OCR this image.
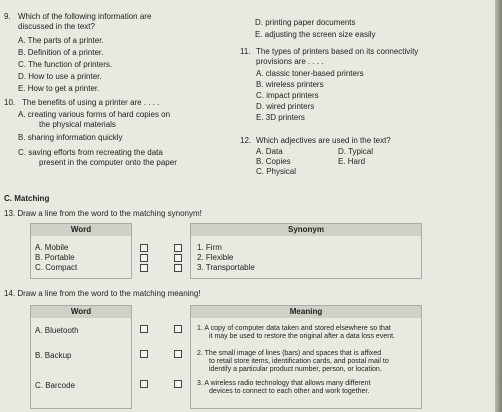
9. Which of the following information are
discussed in the text?
A. The parts of a printer.
B. Definition of a printer.
C. The function of printers.
D. How to use a printer.
E. How to get a printer.
D. printing paper documents
E. adjusting the screen size easily
10. The benefits of using a printer are . . . .
A. creating various forms of hard copies on
the physical materials
B. sharing information quickly
C. saving efforts from recreating the data
present in the computer onto the paper
11. The types of printers based on its connectivity
provisions are . . . .
A. classic toner-based printers
B. wireless printers
C. impact printers
D. wired printers
E. 3D printers
12. Which adjectives are used in the text?
A. Data	D. Typical
B. Copies	E. Hard
C. Physical
C. Matching
13. Draw a line from the word to the matching synonym!
Word
A. Mobile
B. Portable
C. Compact
Synonym
1. Firm
2. Flexible
3. Transportable
14. Draw a line from the word to the matching meaning!
Word
A. Bluetooth
B. Backup
C. Barcode
Meaning
1. A copy of computer data taken and stored elsewhere so that
it may be used to restore the original after a data loss event.
2. The small image of lines (bars) and spaces that is affixed
to retail store items, identification cards, and postal mail to
identify a particular product number, person, or location.
3. A wireless radio technology that allows many different
devices to connect to each other and work together.
